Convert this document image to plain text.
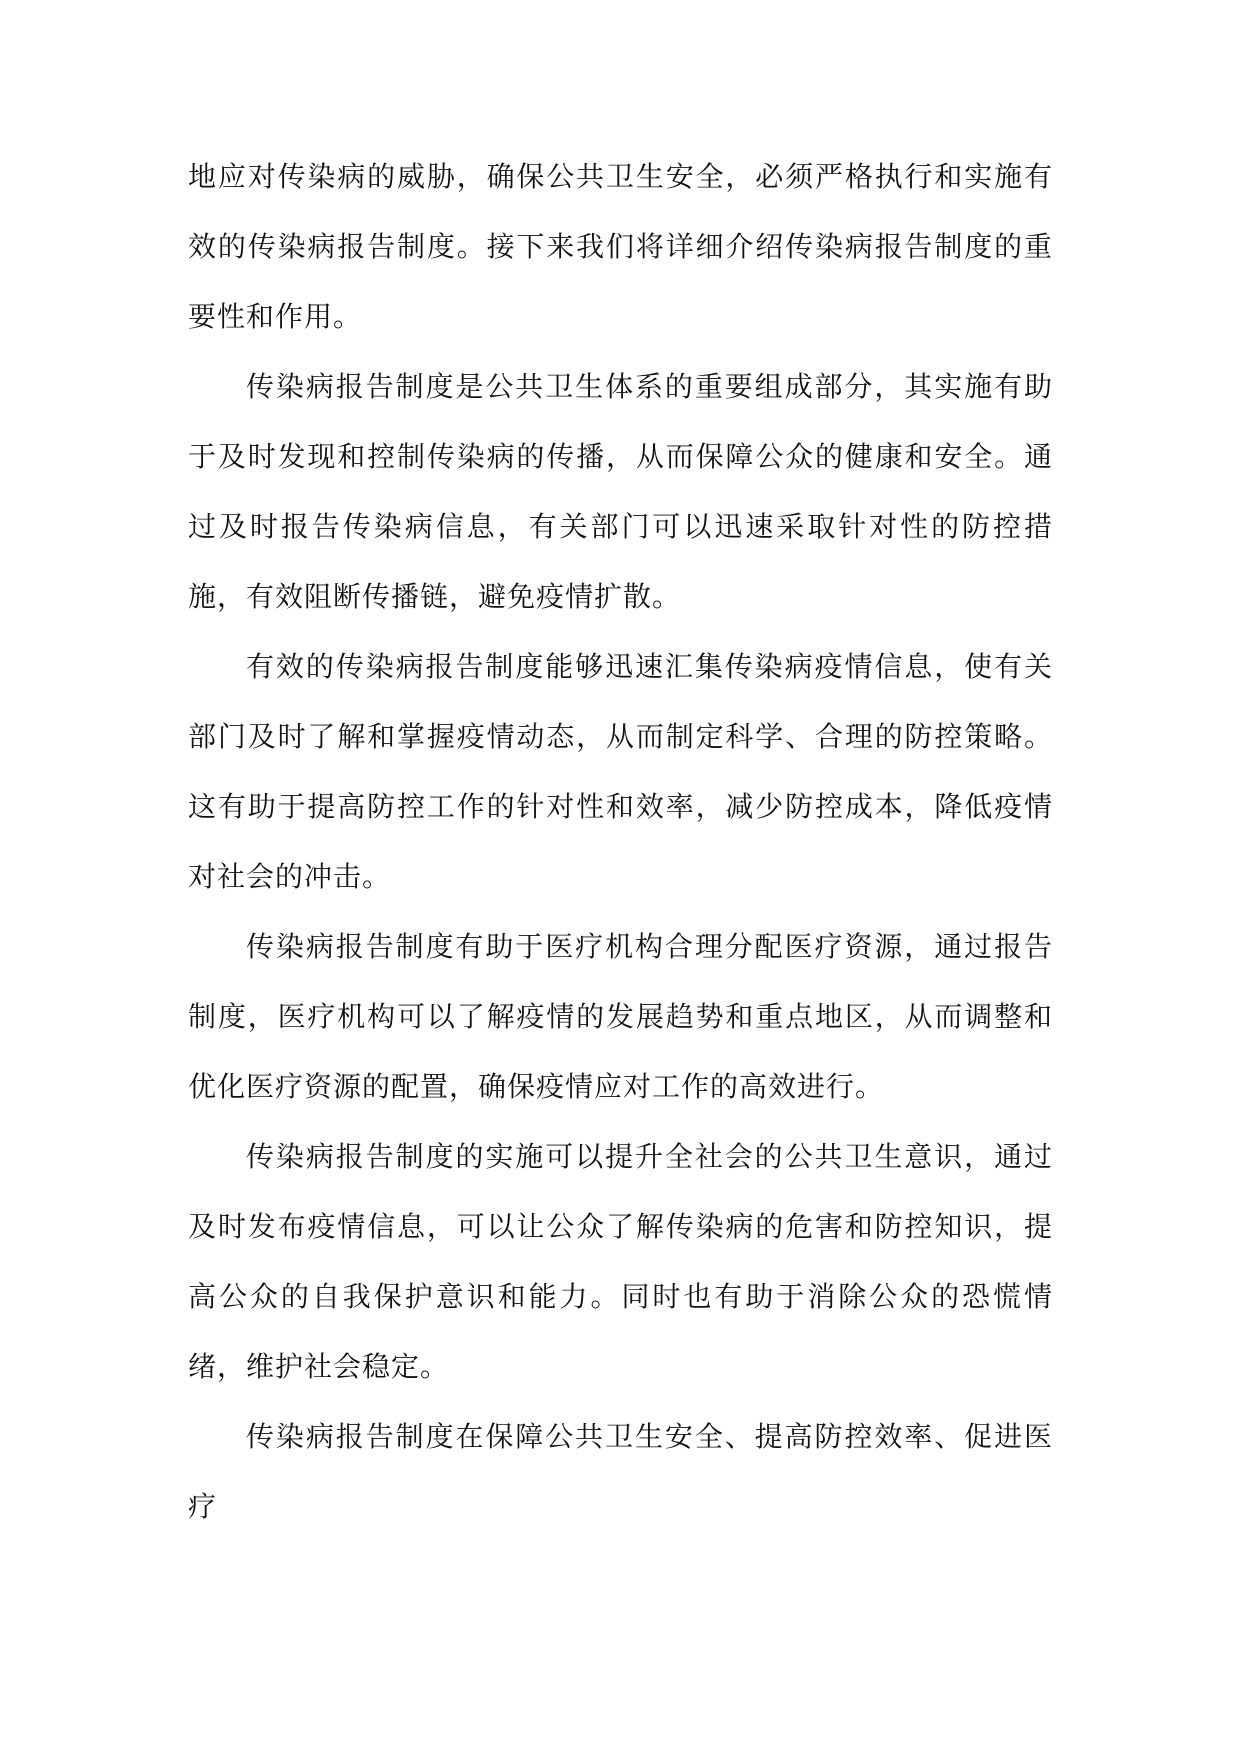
地应对传染病的威胁，确保公共卫生安全，必须严格执行和实施有效的传染病报告制度。接下来我们将详细介绍传染病报告制度的重要性和作用。

传染病报告制度是公共卫生体系的重要组成部分，其实施有助于及时发现和控制传染病的传播，从而保障公众的健康和安全。通过及时报告传染病信息，有关部门可以迅速采取针对性的防控措施，有效阻断传播链，避免疫情扩散。

有效的传染病报告制度能够迅速汇集传染病疫情信息，使有关部门及时了解和掌握疫情动态，从而制定科学、合理的防控策略。这有助于提高防控工作的针对性和效率，减少防控成本，降低疫情对社会的冲击。

传染病报告制度有助于医疗机构合理分配医疗资源，通过报告制度，医疗机构可以了解疫情的发展趋势和重点地区，从而调整和优化医疗资源的配置，确保疫情应对工作的高效进行。

传染病报告制度的实施可以提升全社会的公共卫生意识，通过及时发布疫情信息，可以让公众了解传染病的危害和防控知识，提高公众的自我保护意识和能力。同时也有助于消除公众的恐慌情绪，维护社会稳定。

传染病报告制度在保障公共卫生安全、提高防控效率、促进医疗
